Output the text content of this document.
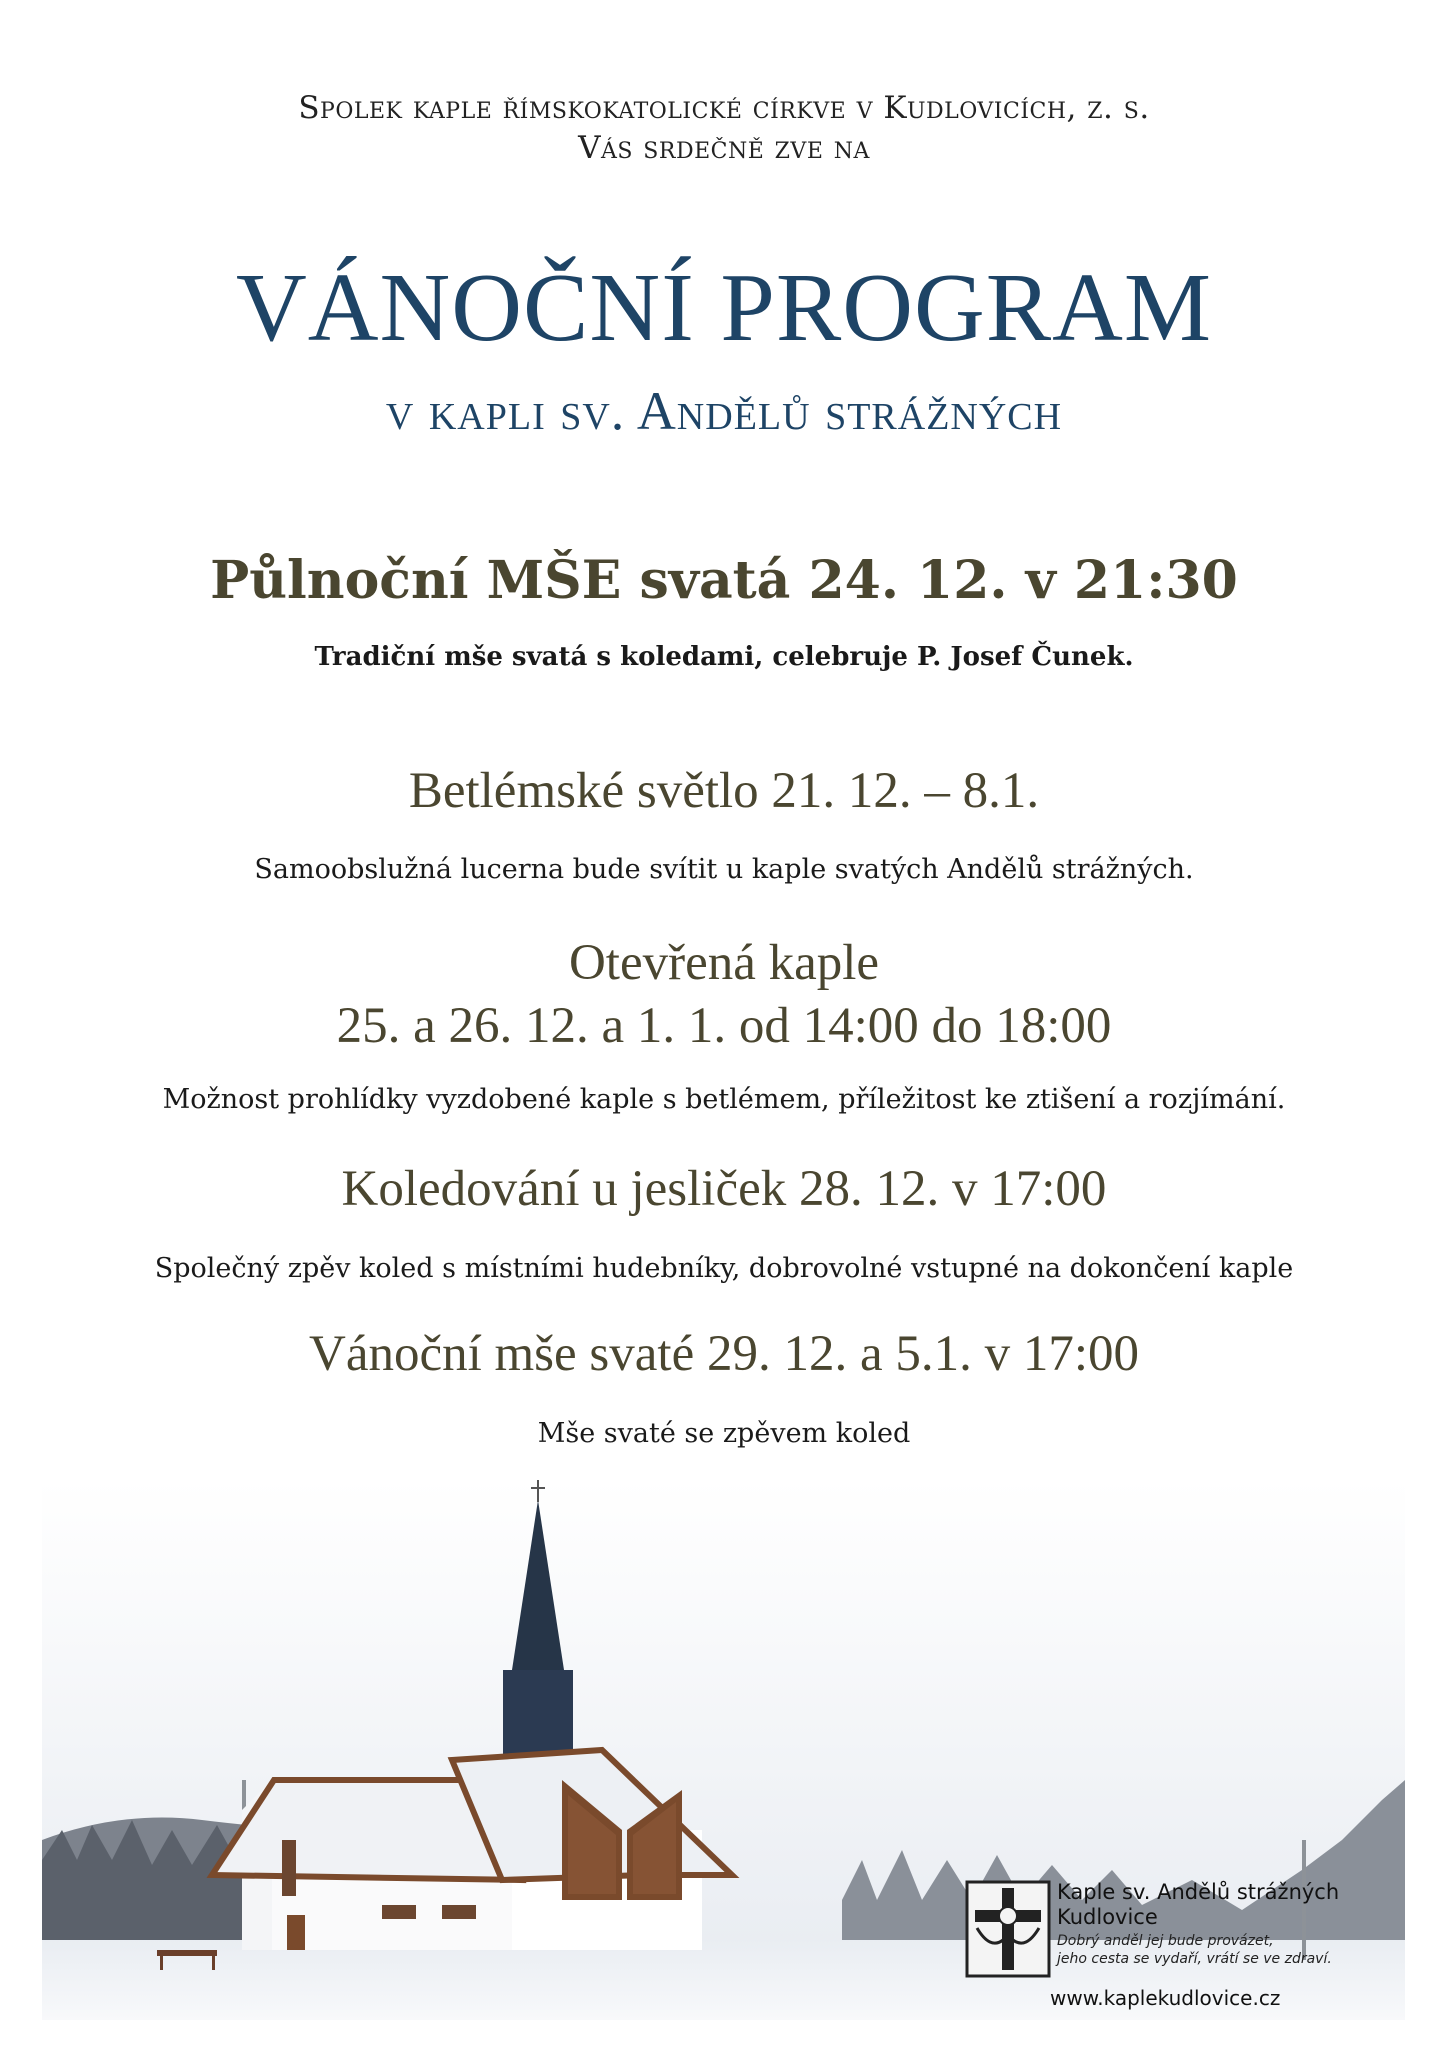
Spolek kaple římskokatolické církve v Kudlovicích, z. s.
Vás srdečně zve na
VÁNOČNÍ PROGRAM
v kapli sv. Andělů strážných
Půlnoční MŠE svatá 24. 12. v 21:30
Tradiční mše svatá s koledami, celebruje P. Josef Čunek.
Betlémské světlo 21. 12. – 8.1.
Samoobslužná lucerna bude svítit u kaple svatých Andělů strážných.
Otevřená kaple
25. a 26. 12. a 1. 1. od 14:00 do 18:00
Možnost prohlídky vyzdobené kaple s betlémem, příležitost ke ztišení a rozjímání.
Koledování u jesliček 28. 12. v 17:00
Společný zpěv koled s místními hudebníky, dobrovolné vstupné na dokončení kaple
Vánoční mše svaté 29. 12. a 5.1. v 17:00
Mše svaté se zpěvem koled
Kaple sv. Andělů strážných
Kudlovice
Dobrý anděl jej bude provázet,
jeho cesta se vydaří, vrátí se ve zdraví.
www.kaplekudlovice.cz
